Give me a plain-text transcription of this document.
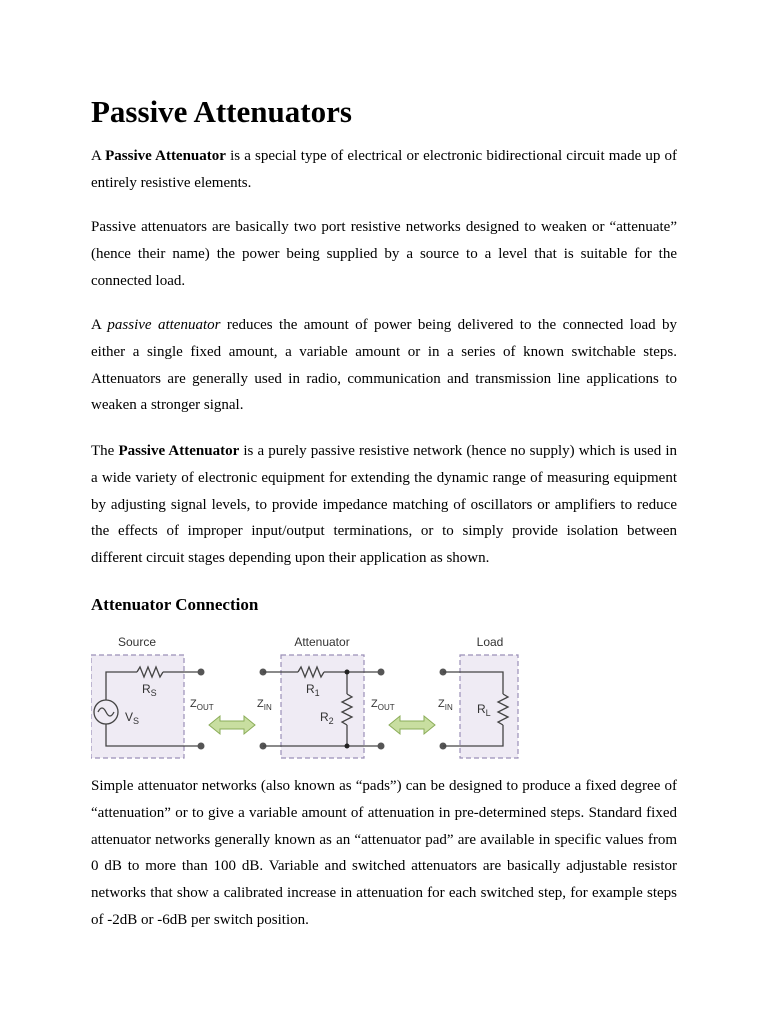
Passive Attenuators

A Passive Attenuator is a special type of electrical or electronic bidirectional circuit made up of entirely resistive elements.

Passive attenuators are basically two port resistive networks designed to weaken or “attenuate” (hence their name) the power being supplied by a source to a level that is suitable for the connected load.

A passive attenuator reduces the amount of power being delivered to the connected load by either a single fixed amount, a variable amount or in a series of known switchable steps. Attenuators are generally used in radio, communication and transmission line applications to weaken a stronger signal.

The Passive Attenuator is a purely passive resistive network (hence no supply) which is used in a wide variety of electronic equipment for extending the dynamic range of measuring equipment by adjusting signal levels, to provide impedance matching of oscillators or amplifiers to reduce the effects of improper input/output terminations, or to simply provide isolation between different circuit stages depending upon their application as shown.

Attenuator Connection
Source	Attenuator	Load
$R_S$
$V_S$
$Z_{OUT}$	$Z_{IN}$
$R_1$
$R_2$
$Z_{OUT}$	$Z_{IN}$ $R_L$

Simple attenuator networks (also known as “pads”) can be designed to produce a fixed degree of “attenuation” or to give a variable amount of attenuation in pre-determined steps. Standard fixed attenuator networks generally known as an “attenuator pad” are available in specific values from 0 dB to more than 100 dB. Variable and switched attenuators are basically adjustable resistor networks that show a calibrated increase in attenuation for each switched step, for example steps of -2dB or -6dB per switch position.
